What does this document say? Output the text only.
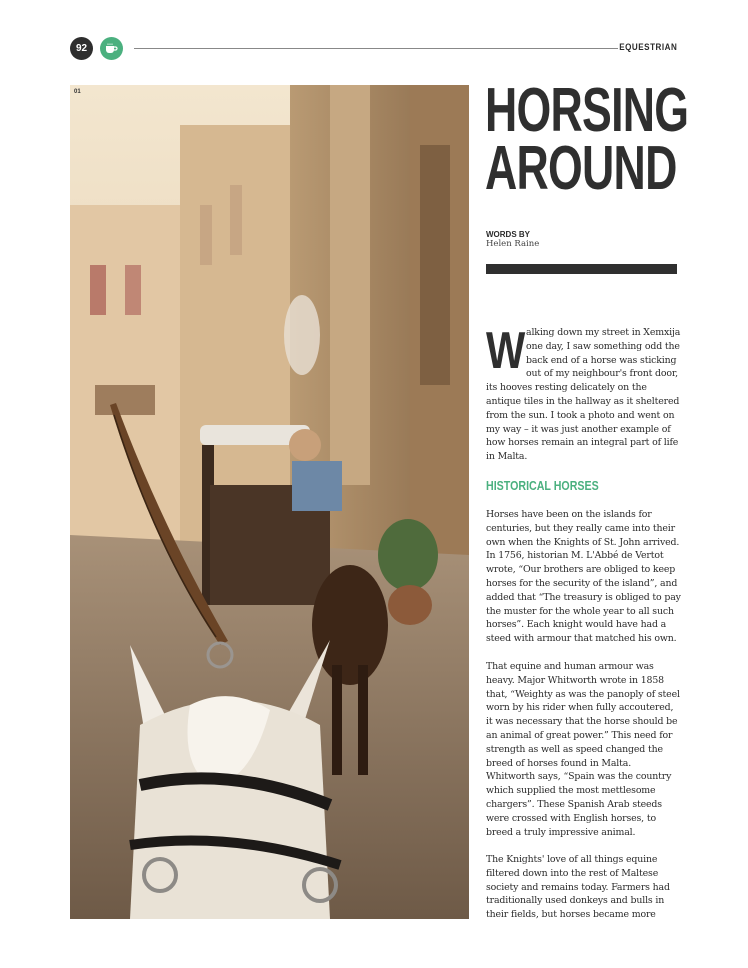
92	EQUESTRIAN
01	HORSING
AROUND
WORDS BY
Helen Raine
W alking down my street in Xemxija one day, I saw something odd the back end of a horse was sticking out of my neighbour's front door, its hooves resting delicately on the antique tiles in the hallway as it sheltered from the sun. I took a photo and went on my way – it was just another example of how horses remain an integral part of life in Malta.
HISTORICAL HORSES

Horses have been on the islands for centuries, but they really came into their own when the Knights of St. John arrived. In 1756, historian M. L'Abbé de Vertot wrote, “Our brothers are obliged to keep horses for the security of the island”, and added that “The treasury is obliged to pay the muster for the whole year to all such horses”. Each knight would have had a steed with armour that matched his own.

That equine and human armour was heavy. Major Whitworth wrote in 1858 that, “Weighty as was the panoply of steel worn by his rider when fully accoutered, it was necessary that the horse should be an animal of great power.” This need for strength as well as speed changed the breed of horses found in Malta. Whitworth says, “Spain was the country which supplied the most mettlesome chargers”. These Spanish Arab steeds were crossed with English horses, to breed a truly impressive animal.

The Knights' love of all things equine filtered down into the rest of Maltese society and remains today. Farmers had traditionally used donkeys and bulls in their fields, but horses became more
